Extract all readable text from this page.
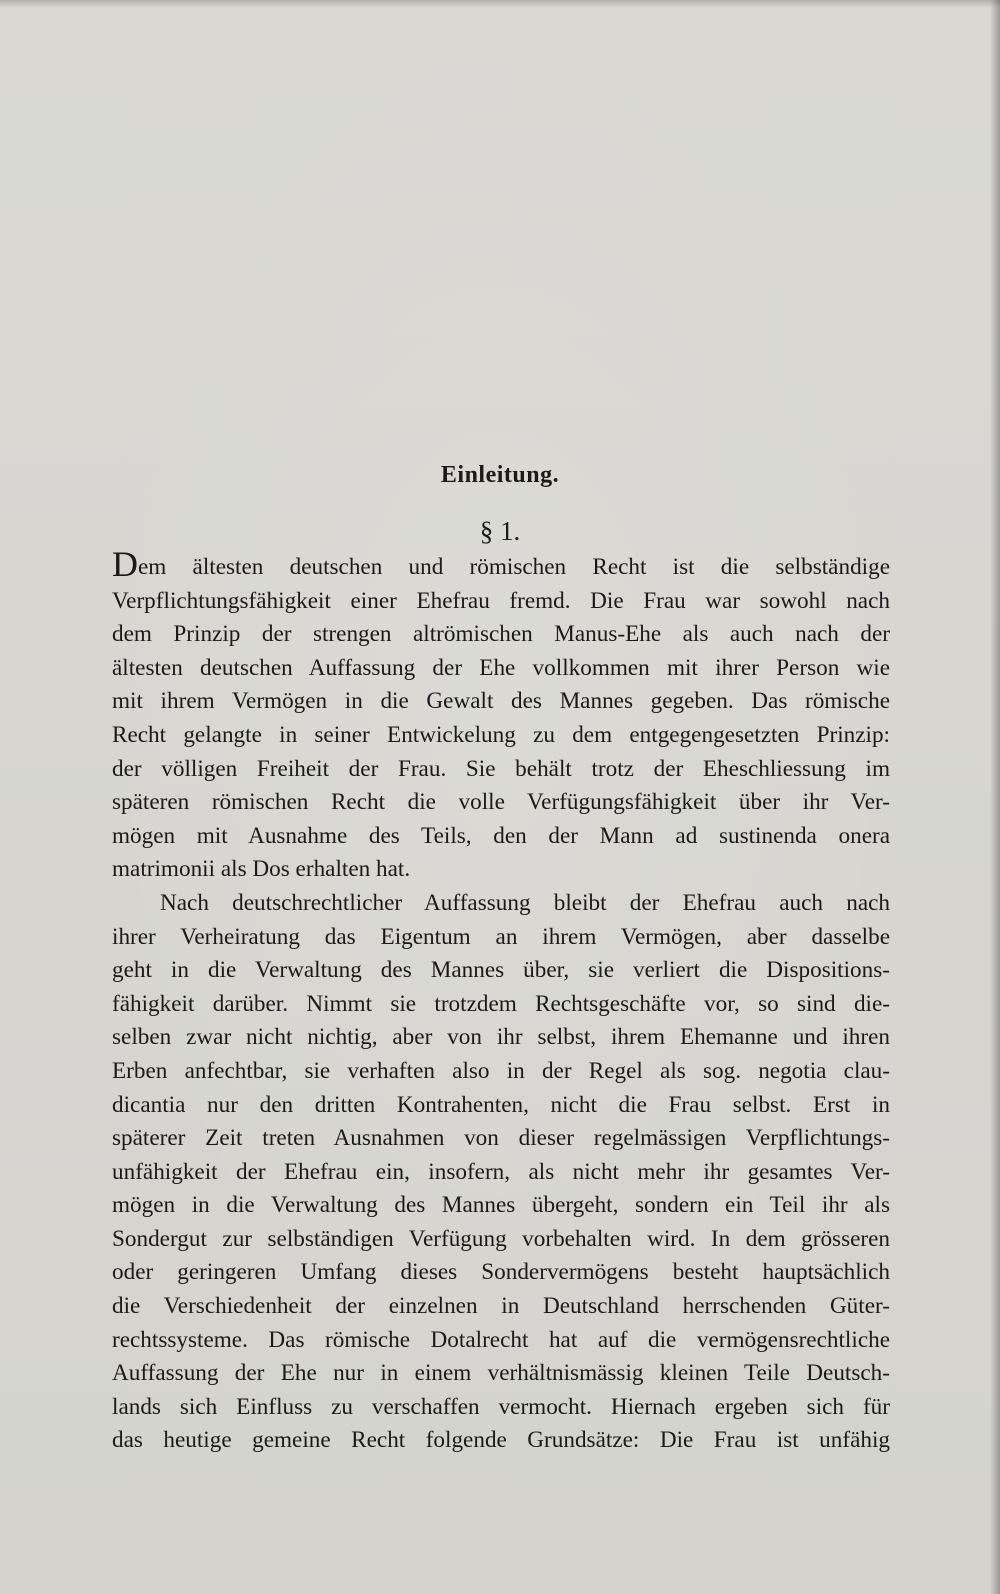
Einleitung.
§ 1.
Dem ältesten deutschen und römischen Recht ist die selbständige
Verpflichtungsfähigkeit einer Ehefrau fremd. Die Frau war sowohl nach
dem Prinzip der strengen altrömischen Manus-Ehe als auch nach der
ältesten deutschen Auffassung der Ehe vollkommen mit ihrer Person wie
mit ihrem Vermögen in die Gewalt des Mannes gegeben. Das römische
Recht gelangte in seiner Entwickelung zu dem entgegengesetzten Prinzip:
der völligen Freiheit der Frau. Sie behält trotz der Eheschliessung im
späteren römischen Recht die volle Verfügungsfähigkeit über ihr Ver-
mögen mit Ausnahme des Teils, den der Mann ad sustinenda onera
matrimonii als Dos erhalten hat.
Nach deutschrechtlicher Auffassung bleibt der Ehefrau auch nach
ihrer Verheiratung das Eigentum an ihrem Vermögen, aber dasselbe
geht in die Verwaltung des Mannes über, sie verliert die Dispositions-
fähigkeit darüber. Nimmt sie trotzdem Rechtsgeschäfte vor, so sind die-
selben zwar nicht nichtig, aber von ihr selbst, ihrem Ehemanne und ihren
Erben anfechtbar, sie verhaften also in der Regel als sog. negotia clau-
dicantia nur den dritten Kontrahenten, nicht die Frau selbst. Erst in
späterer Zeit treten Ausnahmen von dieser regelmässigen Verpflichtungs-
unfähigkeit der Ehefrau ein, insofern, als nicht mehr ihr gesamtes Ver-
mögen in die Verwaltung des Mannes übergeht, sondern ein Teil ihr als
Sondergut zur selbständigen Verfügung vorbehalten wird. In dem grösseren
oder geringeren Umfang dieses Sondervermögens besteht hauptsächlich
die Verschiedenheit der einzelnen in Deutschland herrschenden Güter-
rechtssysteme. Das römische Dotalrecht hat auf die vermögensrechtliche
Auffassung der Ehe nur in einem verhältnismässig kleinen Teile Deutsch-
lands sich Einfluss zu verschaffen vermocht. Hiernach ergeben sich für
das heutige gemeine Recht folgende Grundsätze: Die Frau ist unfähig
